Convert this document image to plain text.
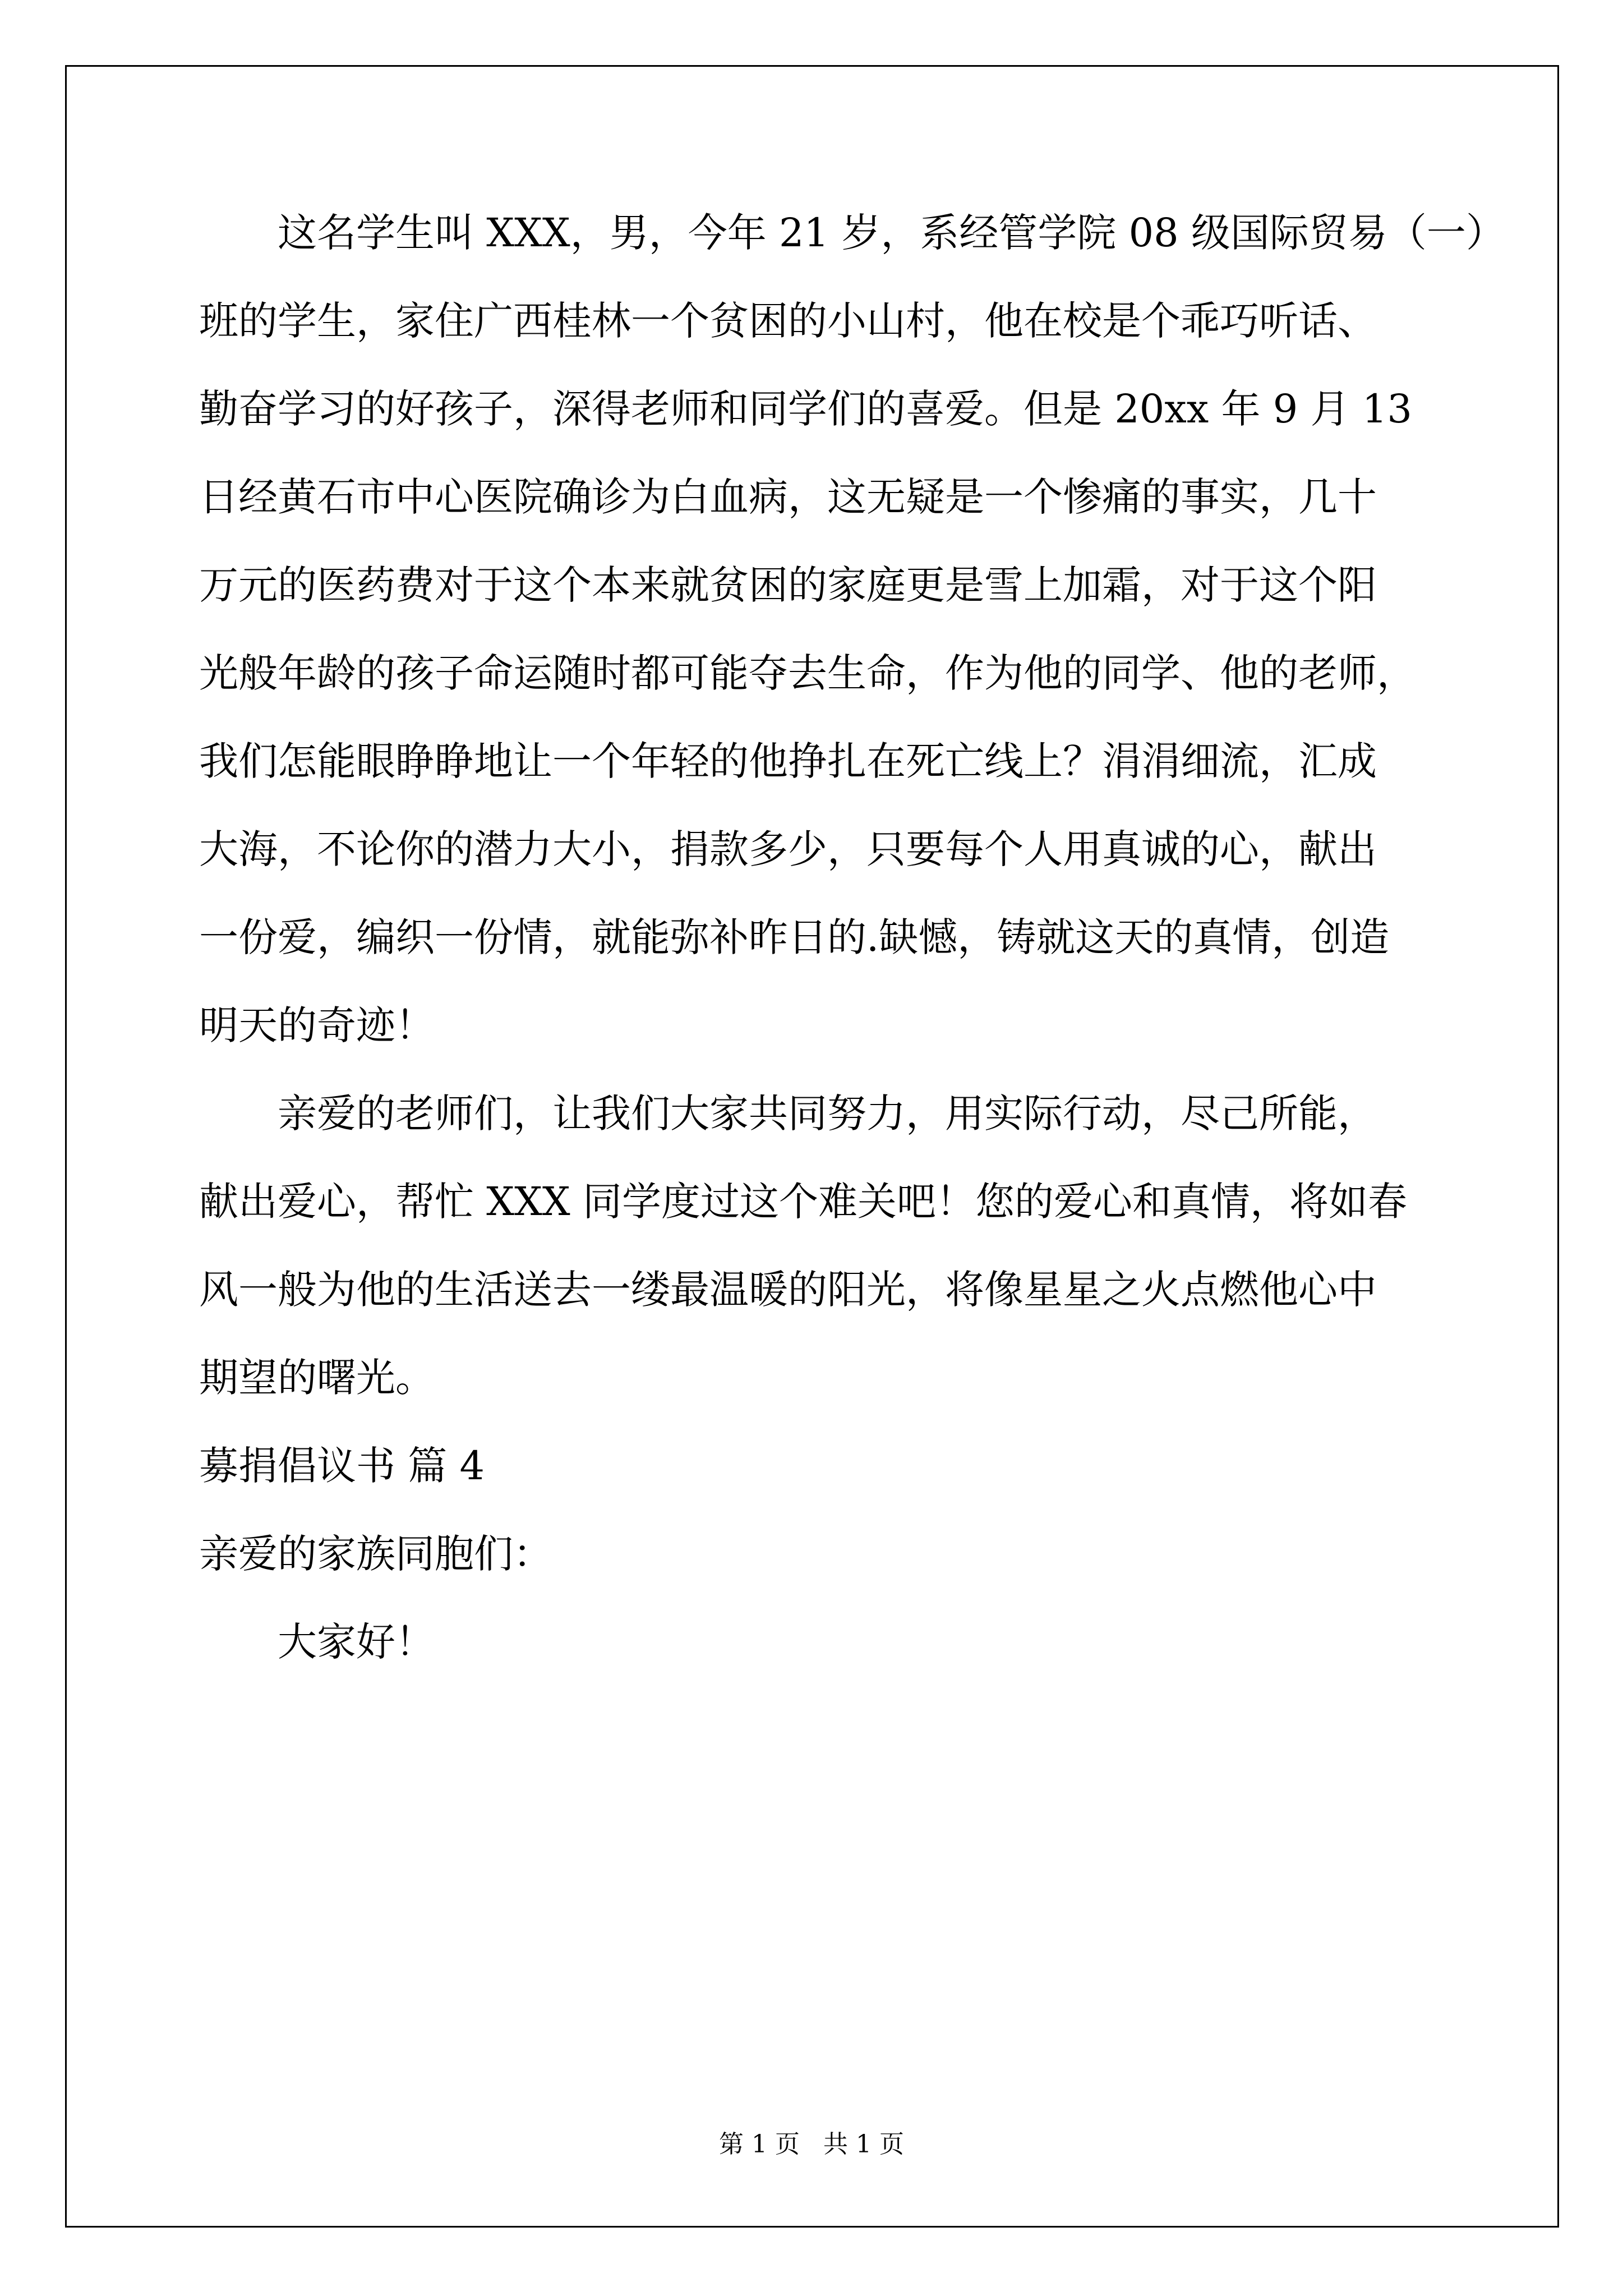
　　这名学生叫 XXX，男，今年 21 岁，系经管学院 08 级国际贸易（一）

班的学生，家住广西桂林一个贫困的小山村，他在校是个乖巧听话、

勤奋学习的好孩子，深得老师和同学们的喜爱。但是 20xx 年 9 月 13

日经黄石市中心医院确诊为白血病，这无疑是一个惨痛的事实，几十

万元的医药费对于这个本来就贫困的家庭更是雪上加霜，对于这个阳

光般年龄的孩子命运随时都可能夺去生命，作为他的同学、他的老师，

我们怎能眼睁睁地让一个年轻的他挣扎在死亡线上？涓涓细流，汇成

大海，不论你的潜力大小，捐款多少，只要每个人用真诚的心，献出

一份爱，编织一份情，就能弥补昨日的.缺憾，铸就这天的真情，创造

明天的奇迹！

　　亲爱的老师们，让我们大家共同努力，用实际行动，尽己所能，

献出爱心，帮忙 XXX 同学度过这个难关吧！您的爱心和真情，将如春

风一般为他的生活送去一缕最温暖的阳光，将像星星之火点燃他心中

期望的曙光。

募捐倡议书 篇 4

亲爱的家族同胞们：

　　大家好！

第 1 页   共 1 页
